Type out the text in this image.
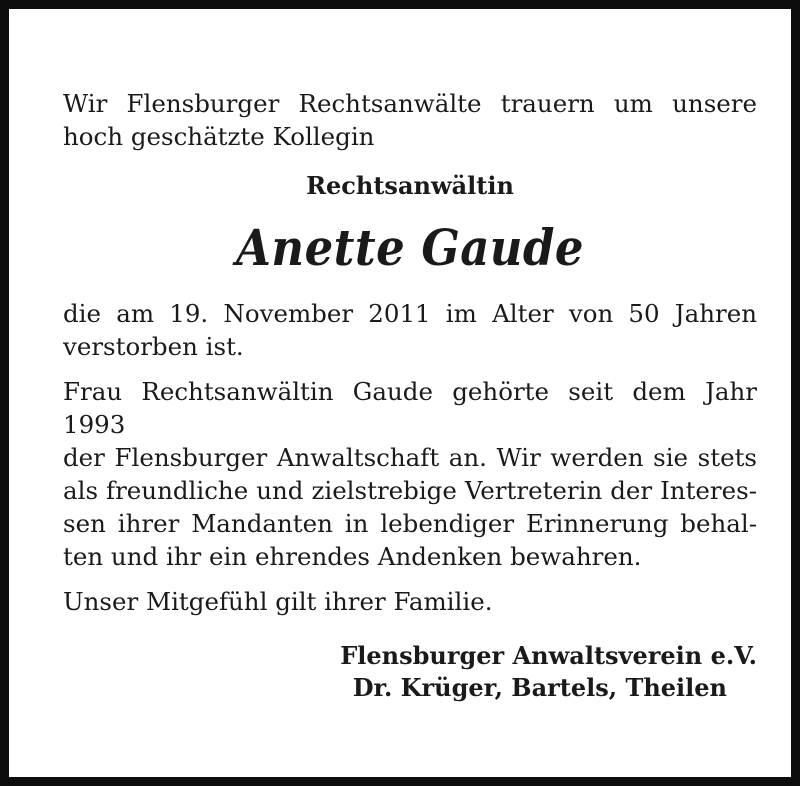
Wir Flensburger Rechtsanwälte trauern um unsere
hoch geschätzte Kollegin
Rechtsanwältin
Anette Gaude
die am 19. November 2011 im Alter von 50 Jahren
verstorben ist.
Frau Rechtsanwältin Gaude gehörte seit dem Jahr 1993
der Flensburger Anwaltschaft an. Wir werden sie stets
als freundliche und zielstrebige Vertreterin der Interes-
sen ihrer Mandanten in lebendiger Erinnerung behal-
ten und ihr ein ehrendes Andenken bewahren.
Unser Mitgefühl gilt ihrer Familie.
Flensburger Anwaltsverein e.V.
Dr. Krüger, Bartels, Theilen
